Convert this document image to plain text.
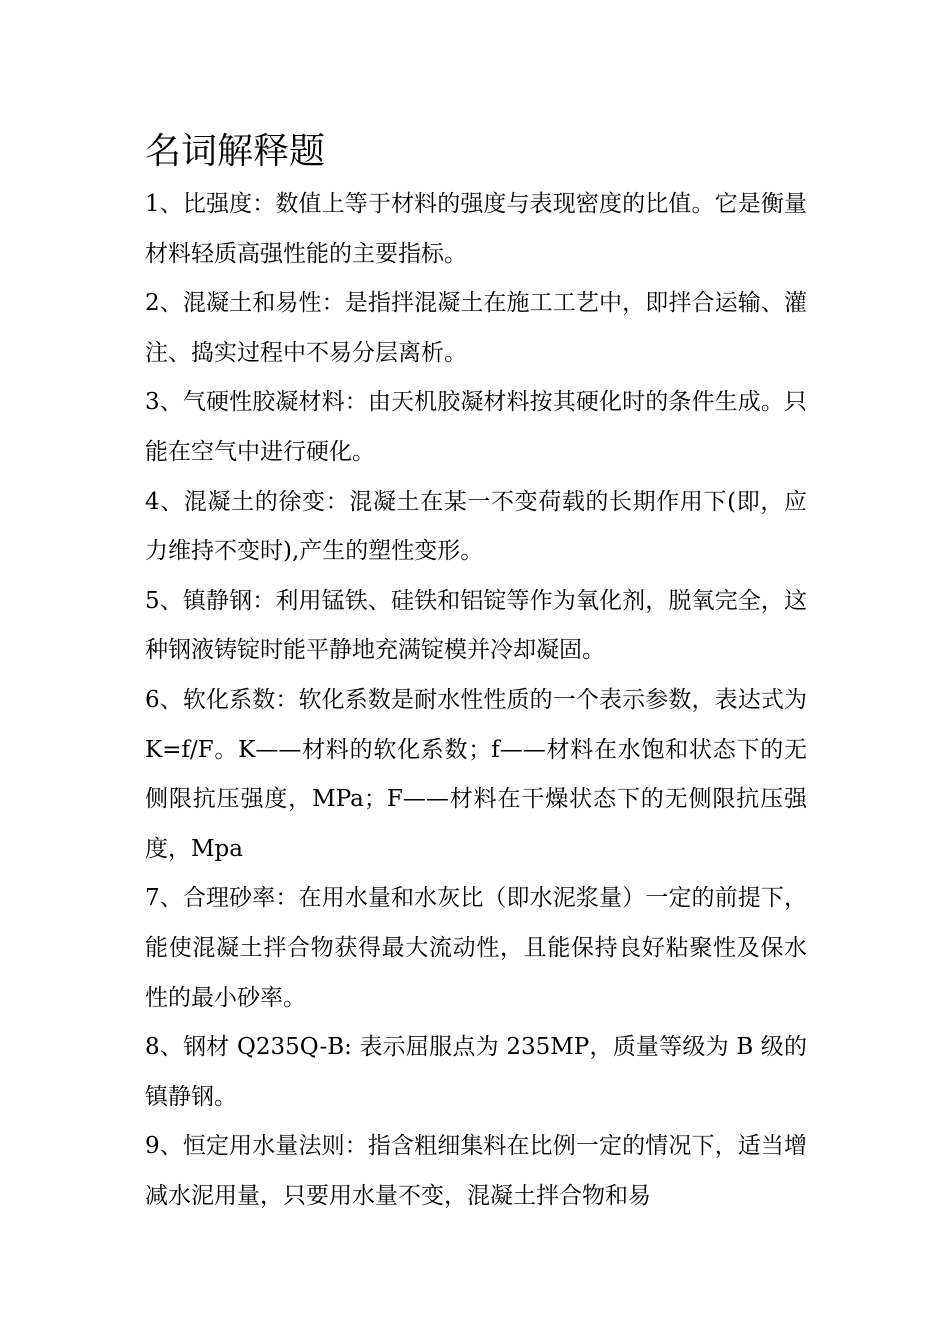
名词解释题

1、比强度：数值上等于材料的强度与表现密度的比值。它是衡量材料轻质高强性能的主要指标。

2、混凝土和易性：是指拌混凝土在施工工艺中，即拌合运输、灌注、捣实过程中不易分层离析。

3、气硬性胶凝材料：由天机胶凝材料按其硬化时的条件生成。只能在空气中进行硬化。

4、混凝土的徐变：混凝土在某一不变荷载的长期作用下(即，应力维持不变时),产生的塑性变形。

5、镇静钢：利用锰铁、硅铁和铝锭等作为氧化剂，脱氧完全，这种钢液铸锭时能平静地充满锭模并冷却凝固。

6、软化系数：软化系数是耐水性性质的一个表示参数，表达式为 K=f/F。K——材料的软化系数；f——材料在水饱和状态下的无侧限抗压强度，MPa；F——材料在干燥状态下的无侧限抗压强度，Mpa

7、合理砂率：在用水量和水灰比（即水泥浆量）一定的前提下，能使混凝土拌合物获得最大流动性，且能保持良好粘聚性及保水性的最小砂率。

8、钢材 Q235Q-B: 表示屈服点为 235MP，质量等级为 B 级的镇静钢。

9、恒定用水量法则：指含粗细集料在比例一定的情况下，适当增减水泥用量，只要用水量不变，混凝土拌合物和易
